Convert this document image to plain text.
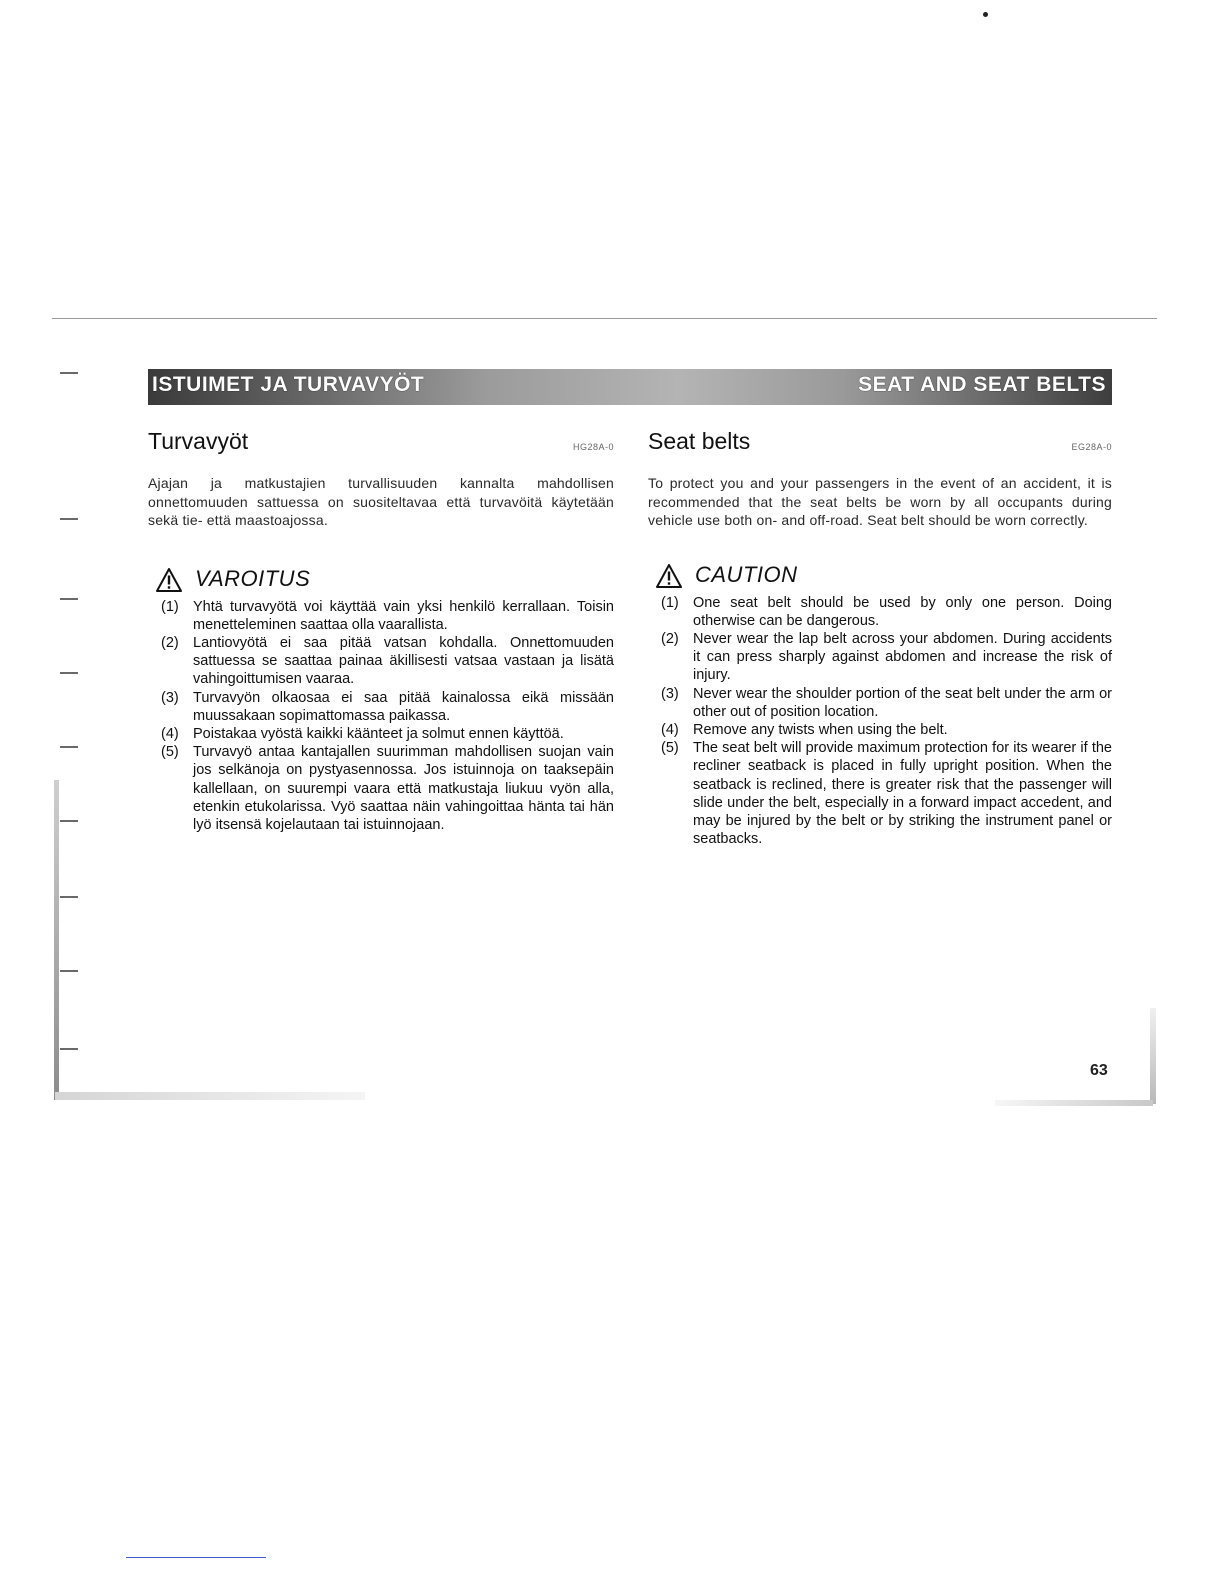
ISTUIMET JA TURVAVYÖT	SEAT AND SEAT BELTS
Turvavyöt	HG28A-0

Ajajan ja matkustajien turvallisuuden kannalta mahdollisen onnettomuuden sattuessa on suositeltavaa että turvavöitä käytetään sekä tie- että maastoajossa.

VAROITUS
(1) Yhtä turvavyötä voi käyttää vain yksi henkilö kerrallaan. Toisin menetteleminen saattaa olla vaarallista.
(2) Lantiovyötä ei saa pitää vatsan kohdalla. Onnettomuuden sattuessa se saattaa painaa äkillisesti vatsaa vastaan ja lisätä vahingoittumisen vaaraa.
(3) Turvavyön olkaosaa ei saa pitää kainalossa eikä missään muussakaan sopimattomassa paikassa.
(4) Poistakaa vyöstä kaikki käänteet ja solmut ennen käyttöä.
(5) Turvavyö antaa kantajallen suurimman mahdollisen suojan vain jos selkänoja on pystyasennossa. Jos istuinnoja on taaksepäin kallellaan, on suurempi vaara että matkustaja liukuu vyön alla, etenkin etukolarissa. Vyö saattaa näin vahingoittaa hänta tai hän lyö itsensä kojelautaan tai istuinnojaan.
Seat belts	EG28A-0

To protect you and your passengers in the event of an accident, it is recommended that the seat belts be worn by all occupants during vehicle use both on- and off-road. Seat belt should be worn correctly.

CAUTION
(1) One seat belt should be used by only one person. Doing otherwise can be dangerous.
(2) Never wear the lap belt across your abdomen. During accidents it can press sharply against abdomen and increase the risk of injury.
(3) Never wear the shoulder portion of the seat belt under the arm or other out of position location.
(4) Remove any twists when using the belt.
(5) The seat belt will provide maximum protection for its wearer if the recliner seatback is placed in fully upright position. When the seatback is reclined, there is greater risk that the passenger will slide under the belt, especially in a forward impact accedent, and may be injured by the belt or by striking the instrument panel or seatbacks.
63
